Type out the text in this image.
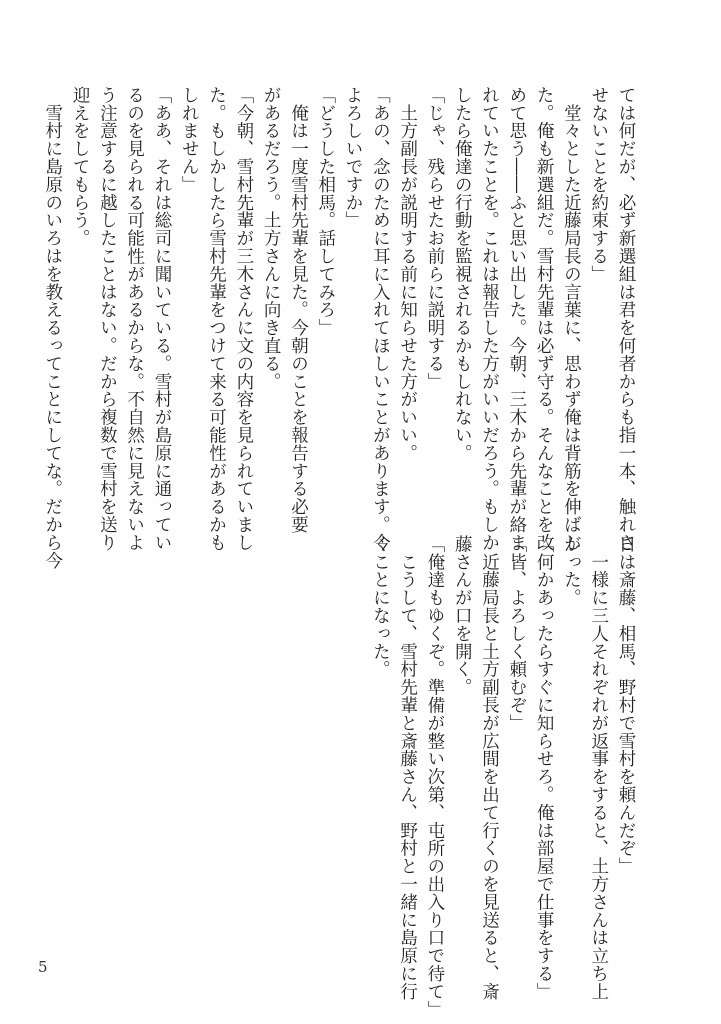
ては何だが、必ず新選組は君を何者からも指一本、触れさ

せないことを約束する」

　堂々とした近藤局長の言葉に、思わず俺は背筋を伸ばし

た。俺も新選組だ。雪村先輩は必ず守る。そんなことを改

めて思う――ふと思い出した。今朝、三木から先輩が絡ま

れていたことを。これは報告した方がいいだろう。もしか

したら俺達の行動を監視されるかもしれない。

「じゃ、残らせたお前らに説明する」

　土方副長が説明する前に知らせた方がいい。

「あの、念のために耳に入れてほしいことがあります。今

よろしいですか」

「どうした相馬。話してみろ」

　俺は一度雪村先輩を見た。今朝のことを報告する必要

があるだろう。土方さんに向き直る。

「今朝、雪村先輩が三木さんに文の内容を見られていまし

た。もしかしたら雪村先輩をつけて来る可能性があるかも

しれません」

「ああ、それは総司に聞いている。雪村が島原に通ってい

るのを見られる可能性があるからな。不自然に見えないよ

う注意するに越したことはない。だから複数で雪村を送り

迎えをしてもらう。

　雪村に島原のいろはを教えるってことにしてな。だから今

日は斎藤、相馬、野村で雪村を頼んだぞ」

　一様に三人それぞれが返事をすると、土方さんは立ち上

がった。

「何かあったらすぐに知らせろ。俺は部屋で仕事をする」

「皆、よろしく頼むぞ」

　近藤局長と土方副長が広間を出て行くのを見送ると、斎

藤さんが口を開く。

「俺達もゆくぞ。準備が整い次第、屯所の出入り口で待て」

　こうして、雪村先輩と斎藤さん、野村と一緒に島原に行

くことになった。

5
